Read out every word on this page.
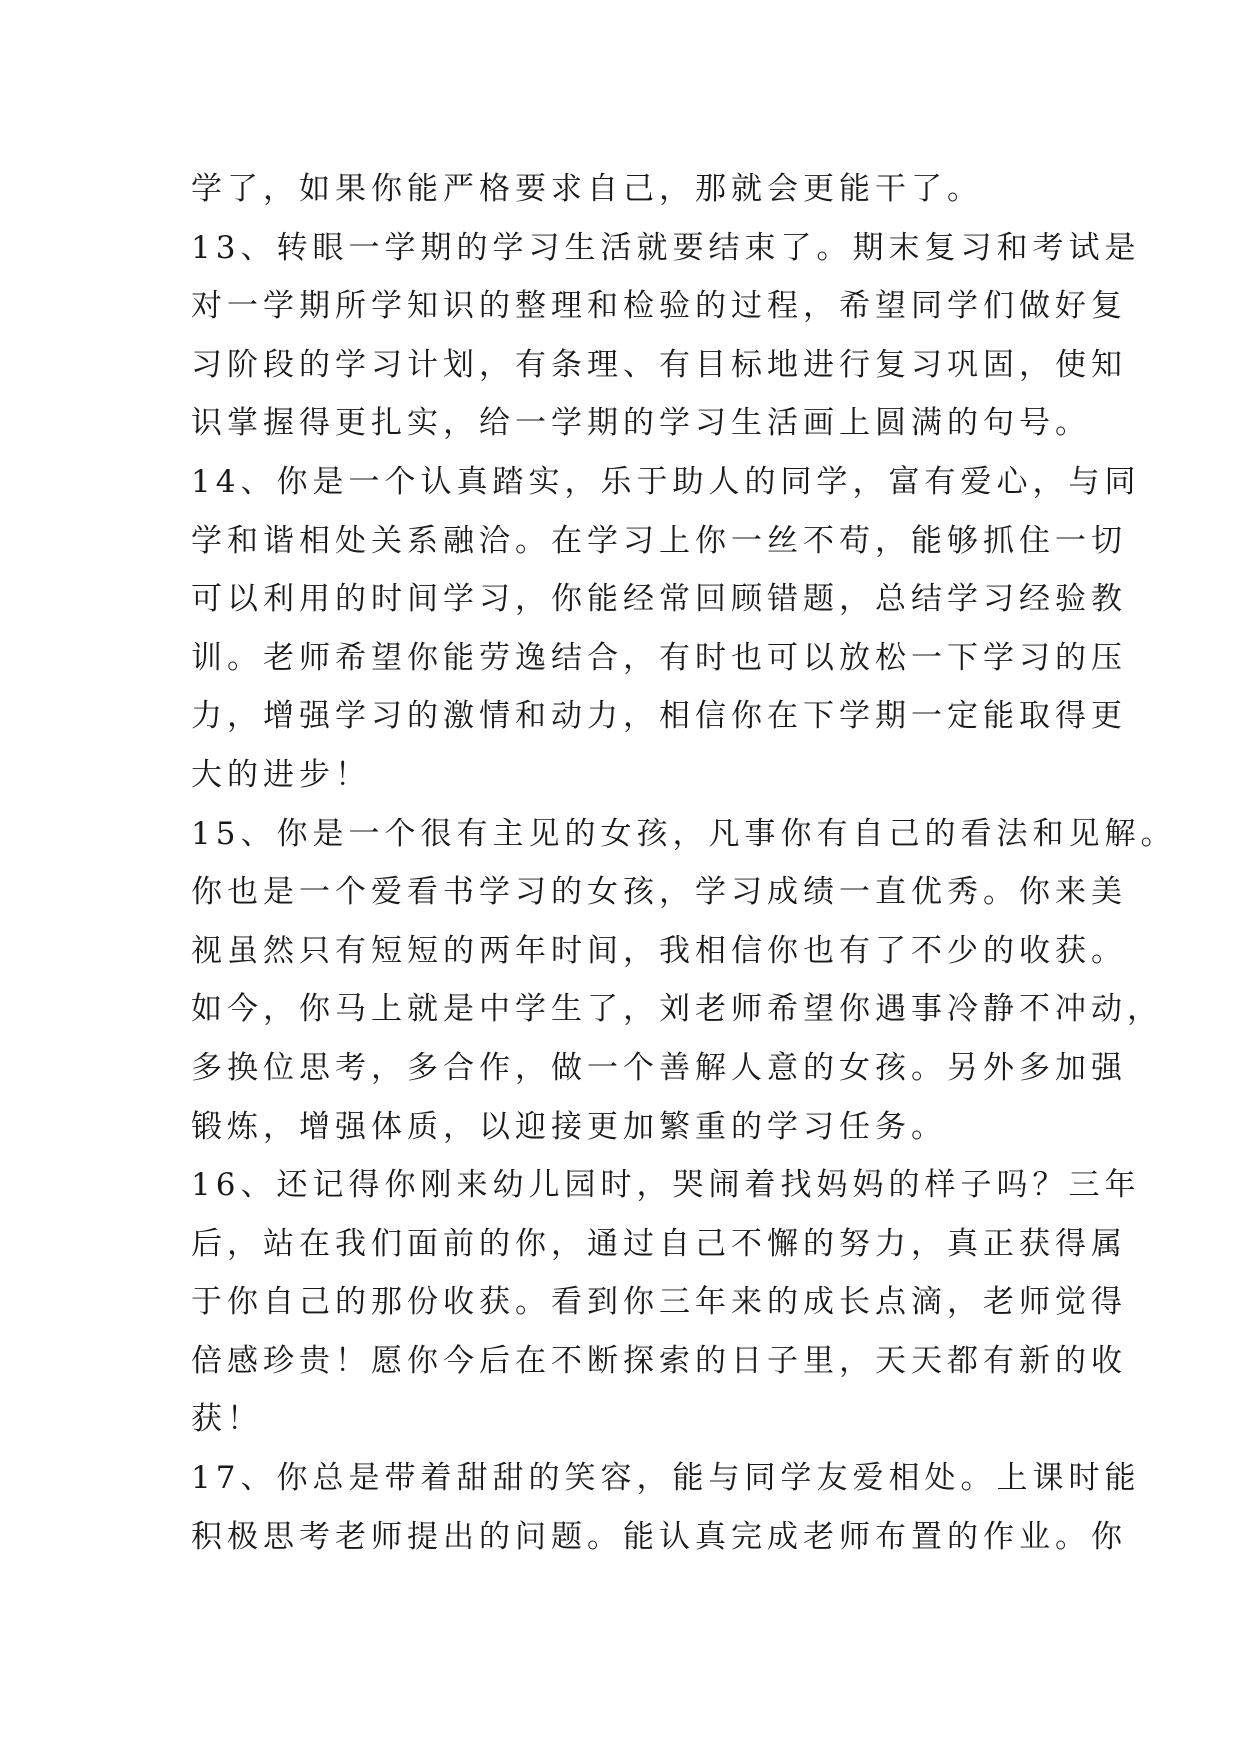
学了，如果你能严格要求自己，那就会更能干了。
13、转眼一学期的学习生活就要结束了。期末复习和考试是
对一学期所学知识的整理和检验的过程，希望同学们做好复
习阶段的学习计划，有条理、有目标地进行复习巩固，使知
识掌握得更扎实，给一学期的学习生活画上圆满的句号。
14、你是一个认真踏实，乐于助人的同学，富有爱心，与同
学和谐相处关系融洽。在学习上你一丝不苟，能够抓住一切
可以利用的时间学习，你能经常回顾错题，总结学习经验教
训。老师希望你能劳逸结合，有时也可以放松一下学习的压
力，增强学习的激情和动力，相信你在下学期一定能取得更
大的进步！
15、你是一个很有主见的女孩，凡事你有自己的看法和见解。
你也是一个爱看书学习的女孩，学习成绩一直优秀。你来美
视虽然只有短短的两年时间，我相信你也有了不少的收获。
如今，你马上就是中学生了，刘老师希望你遇事冷静不冲动，
多换位思考，多合作，做一个善解人意的女孩。另外多加强
锻炼，增强体质，以迎接更加繁重的学习任务。
16、还记得你刚来幼儿园时，哭闹着找妈妈的样子吗？三年
后，站在我们面前的你，通过自己不懈的努力，真正获得属
于你自己的那份收获。看到你三年来的成长点滴，老师觉得
倍感珍贵！愿你今后在不断探索的日子里，天天都有新的收
获！
17、你总是带着甜甜的笑容，能与同学友爱相处。上课时能
积极思考老师提出的问题。能认真完成老师布置的作业。你
